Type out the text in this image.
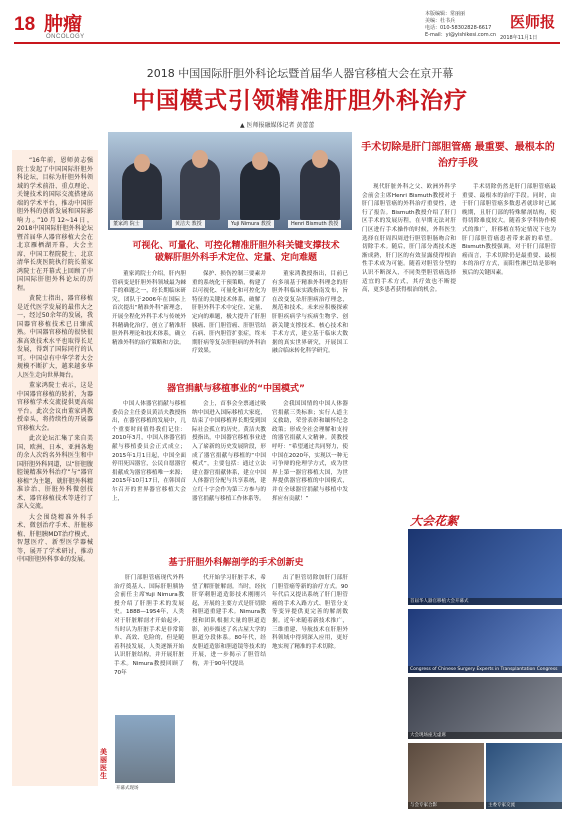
18 肿瘤
ONCOLOGY
本版编辑：常丽丽
美编：杜书兵
电话：010-58302828-6617
E-mail：yi@yishikesi.com.cn
医师报
2018年11月1日
2018 中国国际肝胆外科论坛暨首届华人器官移植大会在京开幕
中国模式引领精准肝胆外科治疗
▲ 医师报融媒体记者 黄蕾蕾

“16年前，恩师黄志强院士发起了中国国际肝胆外科论坛，目标为肝胆外科领域的学术前沿、重点理论、关键技术的国际交流搭建高端的学术平台，推动中国肝胆外科的创新发展和国际影响力。”10月12~14日，2018中国国际肝胆外科论坛暨首届华人器官移植大会在北京雁栖湖开幕，大会主席、中国工程院院士、北京清华长庚医院执行院长董家鸿院士在开幕式上回顾了中国国际肝胆外科论坛的历程。

黄院士指出，器官移植是近代医学发展的最伟大之一，经过50余年的发展，我国器官移植技术已日臻成熟。中国器官移植的很快很准高效技术水平也取得长足发展，得到了国际同行的认可。中国卓有中华学者大会规模不断扩大，越来越多华人医生走向世界舞台。

董家鸿院士表示，这是中国器官移植的转折，为器官移植学术交流提供更高端平台。此次会议由董家鸿教授牵头，将持续性的开展器官移植大会。

此次论坛汇集了来自美国、欧洲、日本、亚洲各地的余人次约名外科医生和中国肝胆外科同道，以“肝胆腹腔镜精准外科治疗”与“器官移植”为主题，就肝胆外科精准诊治、肝脏外科微创技术、器官移植技术等进行了深入交流。

大会围绕精准外科手术、微创治疗手术、肝脏移植、肝胆胰MDT治疗模式、智慧医疗、新型医学器械等，展开了学术研讨，推动中国肝胆外科事业的发展。

美丽医生
董家鸿 院士	黄洁夫 教授	Yuji Nimura 教授	Henri Bismuth 教授
可视化、可量化、可控化精准肝胆外科关键支撑技术 破解肝胆外科手术定位、定量、定向难题

董家鸿院士介绍，肝内胆管病变是肝胆外科领域最为棘手的难题之一，经长期临床研究，团队于2006年在国际上首次提出“精准外科”新理念，开展全程化外科手术与传统外科精确化治疗，创立了精准肝胆外科理论和技术体系，确立精准外科的治疗策略和方法。

保护、损伤控制三要素并重的系统化干预策略，构建了以可视化、可量化和可控化为特征的关键技术体系，破解了肝胆外科手术中定位、定量、定向的难题，极大提升了肝胆胰癌、肝门胆管癌、肝胆管结石病、肝内胆管扩张症，终末期肝病等复杂肝胆病的外科治疗效果。

董家鸿教授指出，目前已有多项基于精准外科理念的肝胆外科临床实践指南发布，旨在改变复杂肝胆病治疗理念，规范和技术。未来应积极探索肝胆疾病学与疾病生物学、创新关键支撑技术、核心技术和手术方式，建立基于临床大数据的真实世界研究，开展国工融合临床转化科学研究。

器官捐献与移植事业的“中国模式”

中国人体器官捐献与移植委员会主任委员黄洁夫教授指出，在器官移植的发展中，几个重要时间值得我们记住：2010年3月，中国人体器官捐献与移植委员会正式成立；2015年1月1日起，中国全面停用死囚器官，公民自愿器官捐献成为器官移植唯一来源；2015年10月17日，在韩国首尔召开的世界器官移植大会上，

会上，首事会全票通过吸纳中国进入国际移植大家庭，结束了中国移植界长期受到国际社会孤立的历史。黄洁夫教授指出，中国器官移植事业进入了崭新的历史发展阶段，形成了器官捐献与移植的“中国模式”，主要包括：通过立法建立器官捐献体系，建立中国人体器官分配与共享系统，建立红十字会作为第三方参与的器官捐献与移植工作体系等。

会我国国情的中国人体器官捐献三类标准；实行人道主义救助，荣誉表彰和缅怀纪念政策；形成全社会理解和支持的器官捐献人文精神。黄教授呼吁：“希望通过共同努力，使中国在2020年，实现以一种无可争辩的伦理学方式，成为世界上第一器官移植大国，为世界提供器官移植的中国模式，并在全球器官捐献与移植中发挥应有贡献！”

基于肝胆外科解剖学的手术创新史

肝门部胆管癌现代外科治疗奠基人、国际肝胆胰协会前任主席Yuji Nimura教授介绍了肝胆手术的发展史。1888—1954年，人类对于肝脏解剖才开始起步，当时认为肝脏手术是非常简单、高效、危险的，但是随着科技发展，人类逐渐开始认识肝脏结构，并开展肝脏手术。Nimura教授回顾了70年

代开始学习肝脏手术，希望了解肝脏解剖。当时，经抗肝穿刺胆道造影技术刚刚兴起，开展的主要方式是肝切除和胆道重建手术。Nimura教授和团队根据大量的胆道造影，初步描述了名古屋大学的胆道分段体系。80年代，经皮胆道造影和胆道镜等技术的开展，进一步揭示了胆管结构，并于90年代提出

出了胆管切除加肝门部肝门胆管癌等新的治疗方式。90年代后又提出系统了肝门胆管癌的手术入路方式、胆管分支等变异提供更完善的解剖数据。近年来随着新技术推广，三维重建、导航技术在肝胆外科领域中得到深入应用，更好地实现了精准的手术切除。

开幕式现场
手术切除是肝门部胆管癌 最重要、最根本的治疗手段

现代肝脏外科之父、欧洲外科学会前会主席Henri Bismuth教授对于肝门部胆管癌的外科治疗重要性，进行了报告。Bismuth教授介绍了肝门区手术的发展历程，在早期无法对肝门区进行手术操作的时候，外科医生选择在肝周四周进行胆管胆肠吻合和切除手术。随后，肝门部分离技术逐渐成熟，肝门区的有效显露使得根治性手术成为可能。随着对胆管分型的认识不断深入，不同类型胆管癌选择适宜的手术方式，其疗效也不断提高，更多患者获得根治的机会。

手术切除仍然是肝门部胆管癌最重要、最根本的治疗手段。同时，由于肝门部胆管癌多数患者就诊时已属晚期，且肝门部的特殊解剖结构，使得切除难度较大。随着多学科协作模式的推广，肝移植在特定情况下也为肝门部胆管癌患者带来新的希望。Bismuth教授强调，对于肝门部胆管癌而言，手术切除仍是最重要、最根本的治疗方式，而阳性淋巴结是影响预后的关键因素。

大会花絮
首届华人器官移植大会开幕式
Congress of Chinese Surgery Experts in Transplantation Congress
大会现场座无虚席
与会专家合影	主委专家交流
